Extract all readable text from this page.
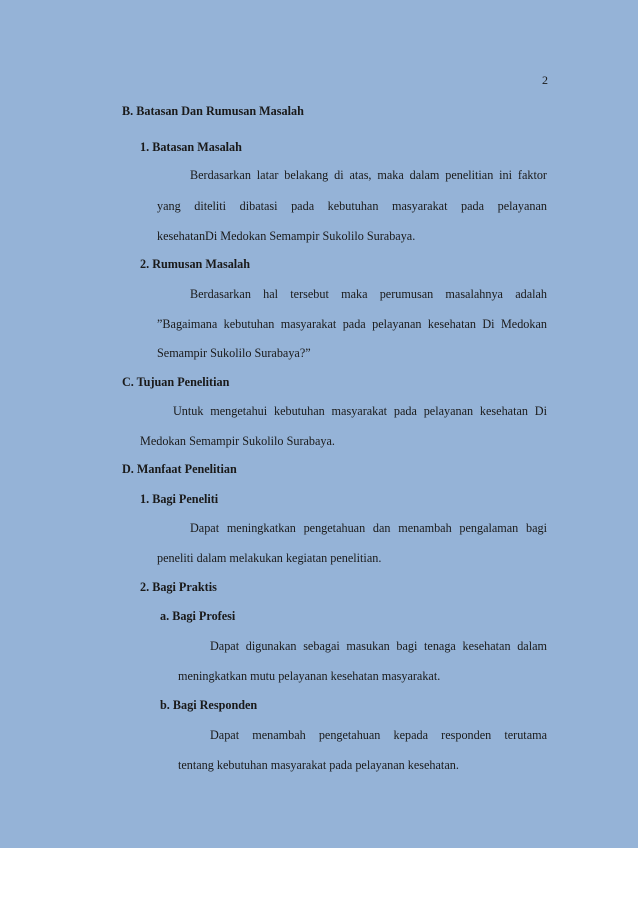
2
B. Batasan Dan Rumusan Masalah
1. Batasan Masalah
Berdasarkan latar belakang di atas, maka dalam penelitian ini faktor
yang diteliti dibatasi pada kebutuhan masyarakat pada pelayanan
kesehatanDi Medokan Semampir Sukolilo Surabaya.
2. Rumusan Masalah
Berdasarkan hal tersebut maka perumusan masalahnya adalah
”Bagaimana kebutuhan masyarakat pada pelayanan kesehatan Di Medokan
Semampir Sukolilo Surabaya?”
C. Tujuan Penelitian
Untuk mengetahui kebutuhan masyarakat pada pelayanan kesehatan Di
Medokan Semampir Sukolilo Surabaya.
D. Manfaat Penelitian
1. Bagi Peneliti
Dapat meningkatkan pengetahuan dan menambah pengalaman bagi
peneliti dalam melakukan kegiatan penelitian.
2. Bagi Praktis
a. Bagi Profesi
Dapat digunakan sebagai masukan bagi tenaga kesehatan dalam
meningkatkan mutu pelayanan kesehatan masyarakat.
b. Bagi Responden
Dapat menambah pengetahuan kepada responden terutama
tentang kebutuhan masyarakat pada pelayanan kesehatan.
